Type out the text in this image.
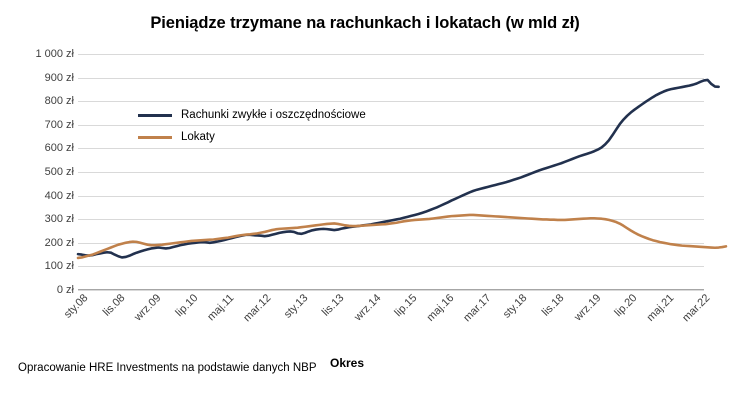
Pieniądze trzymane na rachunkach i lokatach (w mld zł)
0 zł
100 zł
200 zł
300 zł
400 zł
500 zł
600 zł
700 zł
800 zł
900 zł
1 000 zł
Rachunki zwykłe i oszczędnościowe
Lokaty
sty.08 lis.08 wrz.09 lip.10 maj.11 mar.12 sty.13 lis.13 wrz.14 lip.15 maj.16 mar.17 sty.18 lis.18 wrz.19 lip.20 maj.21 mar.22
Okres
Opracowanie HRE Investments na podstawie danych NBP
